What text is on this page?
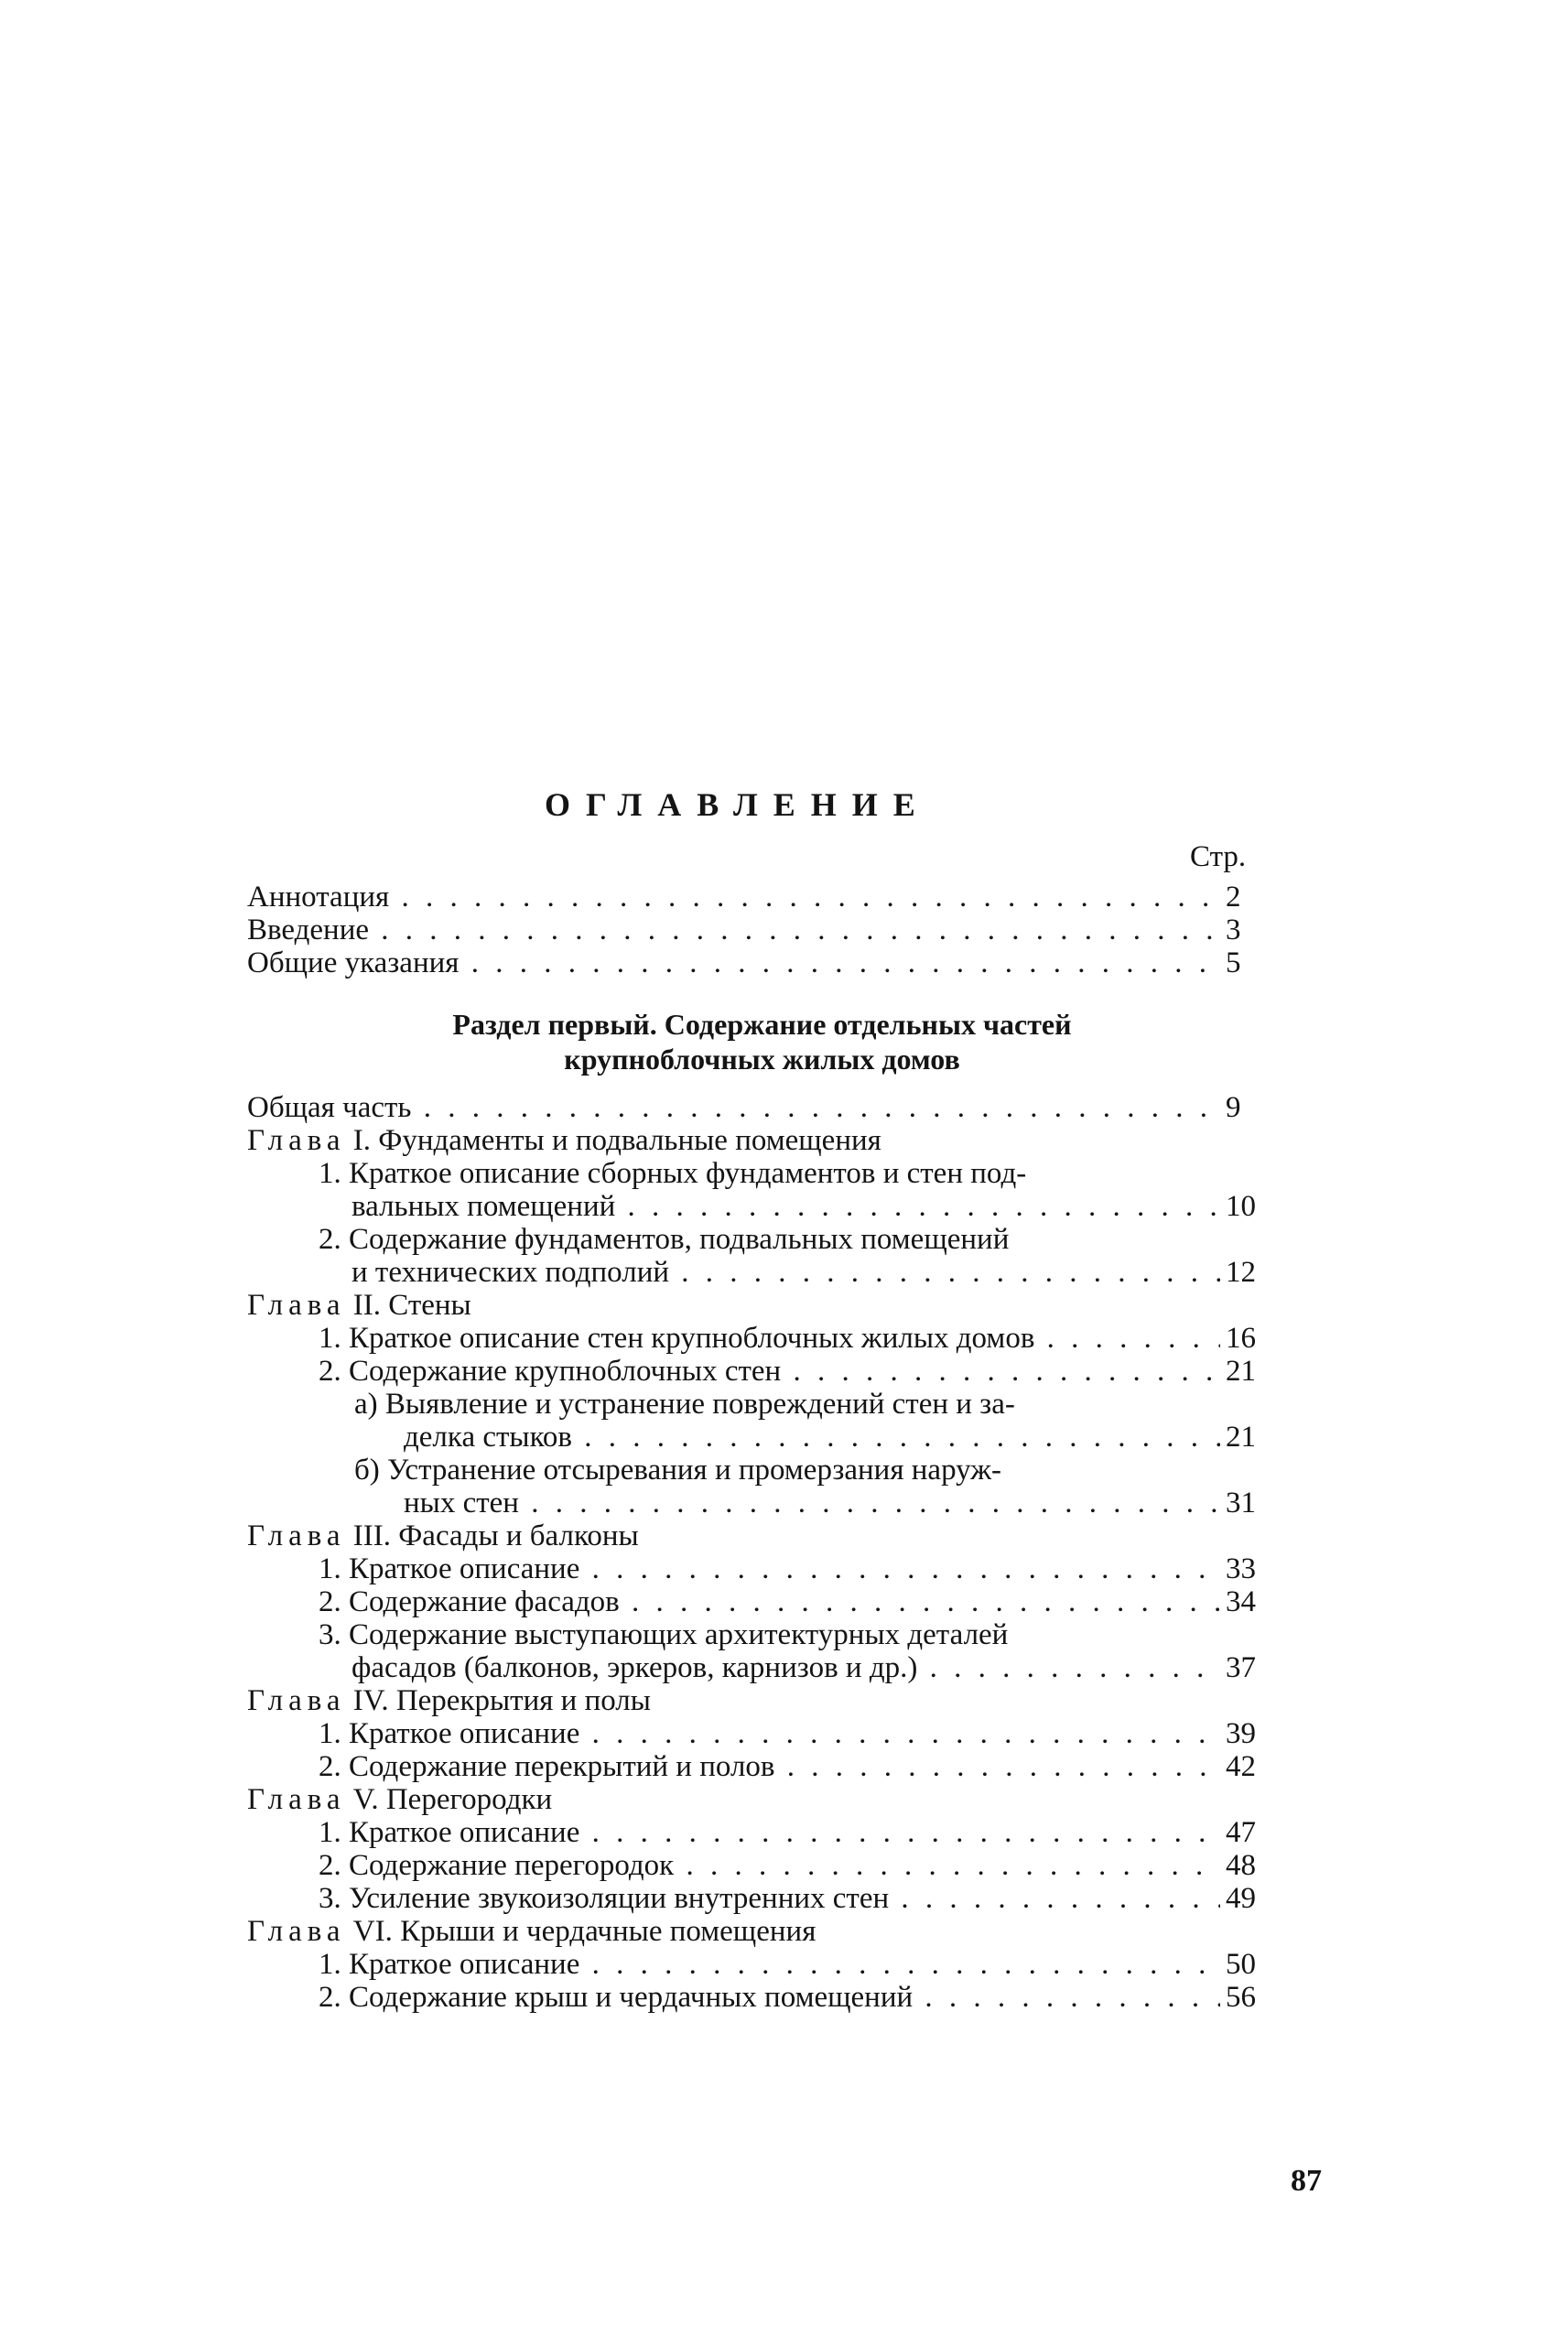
ОГЛАВЛЕНИЕ
Стр.
Аннотация . . .	2
Введение . . .	3
Общие указания . . .	5
Раздел первый. Содержание отдельных частей
крупноблочных жилых домов
Общая часть . . .	9
Глава I. Фундаменты и подвальные помещения
1. Краткое описание сборных фундаментов и стен под-
вальных помещений . . .	10
2. Содержание фундаментов, подвальных помещений
и технических подполий . . .	12
Глава II. Стены
1. Краткое описание стен крупноблочных жилых домов . . .	16
2. Содержание крупноблочных стен . . .	21
а) Выявление и устранение повреждений стен и за-
делка стыков . . .	21
б) Устранение отсыревания и промерзания наруж-
ных стен . . .	31
Глава III. Фасады и балконы
1. Краткое описание . . .	33
2. Содержание фасадов . . .	34
3. Содержание выступающих архитектурных деталей
фасадов (балконов, эркеров, карнизов и др.) . . .	37
Глава IV. Перекрытия и полы
1. Краткое описание . . .	39
2. Содержание перекрытий и полов . . .	42
Глава V. Перегородки
1. Краткое описание . . .	47
2. Содержание перегородок . . .	48
3. Усиление звукоизоляции внутренних стен . . .	49
Глава VI. Крыши и чердачные помещения
1. Краткое описание . . .	50
2. Содержание крыш и чердачных помещений . . .	56
87
